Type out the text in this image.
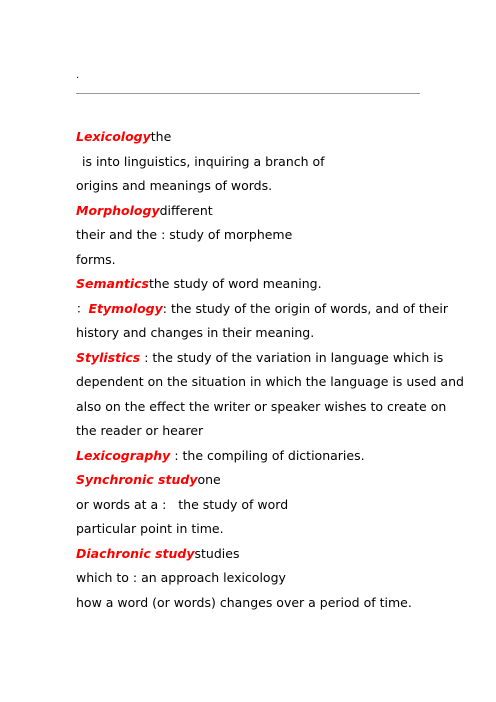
.
Lexicologythe
is into linguistics, inquiring a branch of
origins and meanings of words.
Morphologydifferent
their and the : study of morpheme
forms.
Semanticsthe study of word meaning.
：Etymology: the study of the origin of words, and of their
history and changes in their meaning.
Stylistics : the study of the variation in language which is
dependent on the situation in which the language is used and
also on the effect the writer or speaker wishes to create on
the reader or hearer
Lexicography : the compiling of dictionaries.
Synchronic studyone
or words at a :   the study of word
particular point in time.
Diachronic studystudies
which to : an approach lexicology
how a word (or words) changes over a period of time.
